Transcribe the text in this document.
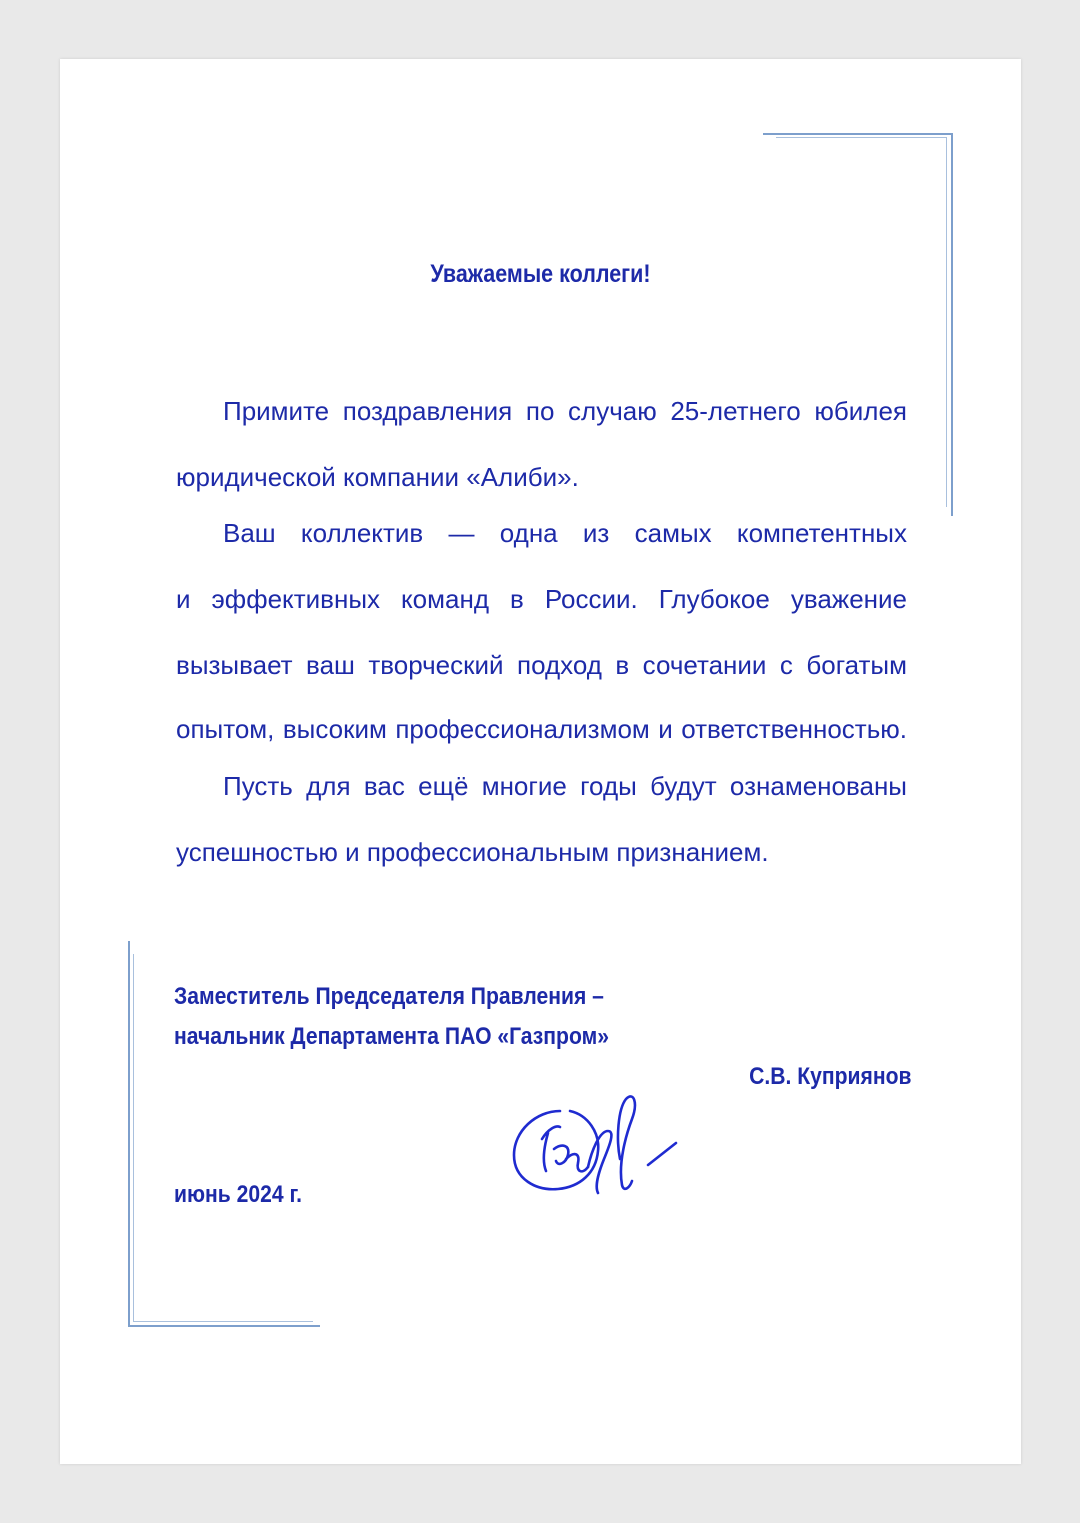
Уважаемые коллеги!
Примите поздравления по случаю 25-летнего юбилея
юридической компании «Алиби».
Ваш коллектив — одна из самых компетентных
и эффективных команд в России. Глубокое уважение
вызывает ваш творческий подход в сочетании с богатым
опытом, высоким профессионализмом и ответственностью.
Пусть для вас ещё многие годы будут ознаменованы
успешностью и профессиональным признанием.
Заместитель Председателя Правления –
начальник Департамента ПАО «Газпром»
С.В. Куприянов
июнь 2024 г.
